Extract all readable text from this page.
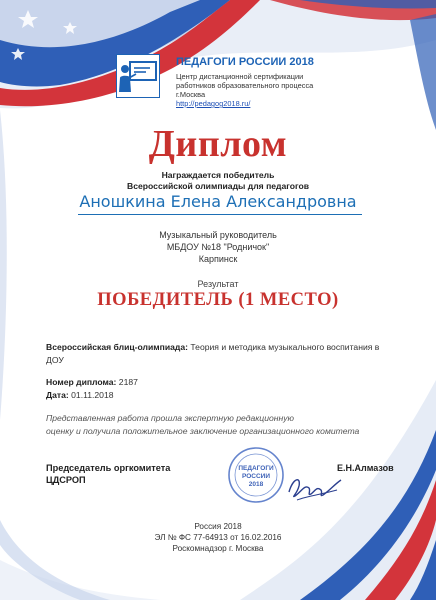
ПЕДАГОГИ РОССИИ 2018
Центр дистанционной сертификации
работников образовательного процесса
г.Москва
http://pedagog2018.ru/
Диплом
Награждается победитель
Всероссийской олимпиады для педагогов
Аношкина Елена Александровна
Музыкальный руководитель
МБДОУ №18 "Родничок"
Карпинск
Результат
ПОБЕДИТЕЛЬ (1 МЕСТО)
Всероссийская блиц-олимпиада: Теория и методика музыкального воспитания в ДОУ
Номер диплома: 2187
Дата: 01.11.2018
Представленная работа прошла экспертную редакционную
оценку и получила положительное заключение организационного комитета
Председатель оргкомитета
ЦДСРОП
ПЕДАГОГИ
РОССИИ
2018
Е.Н.Алмазов
Россия 2018
ЭЛ № ФС 77-64913 от 16.02.2016
Роскомнадзор г. Москва
